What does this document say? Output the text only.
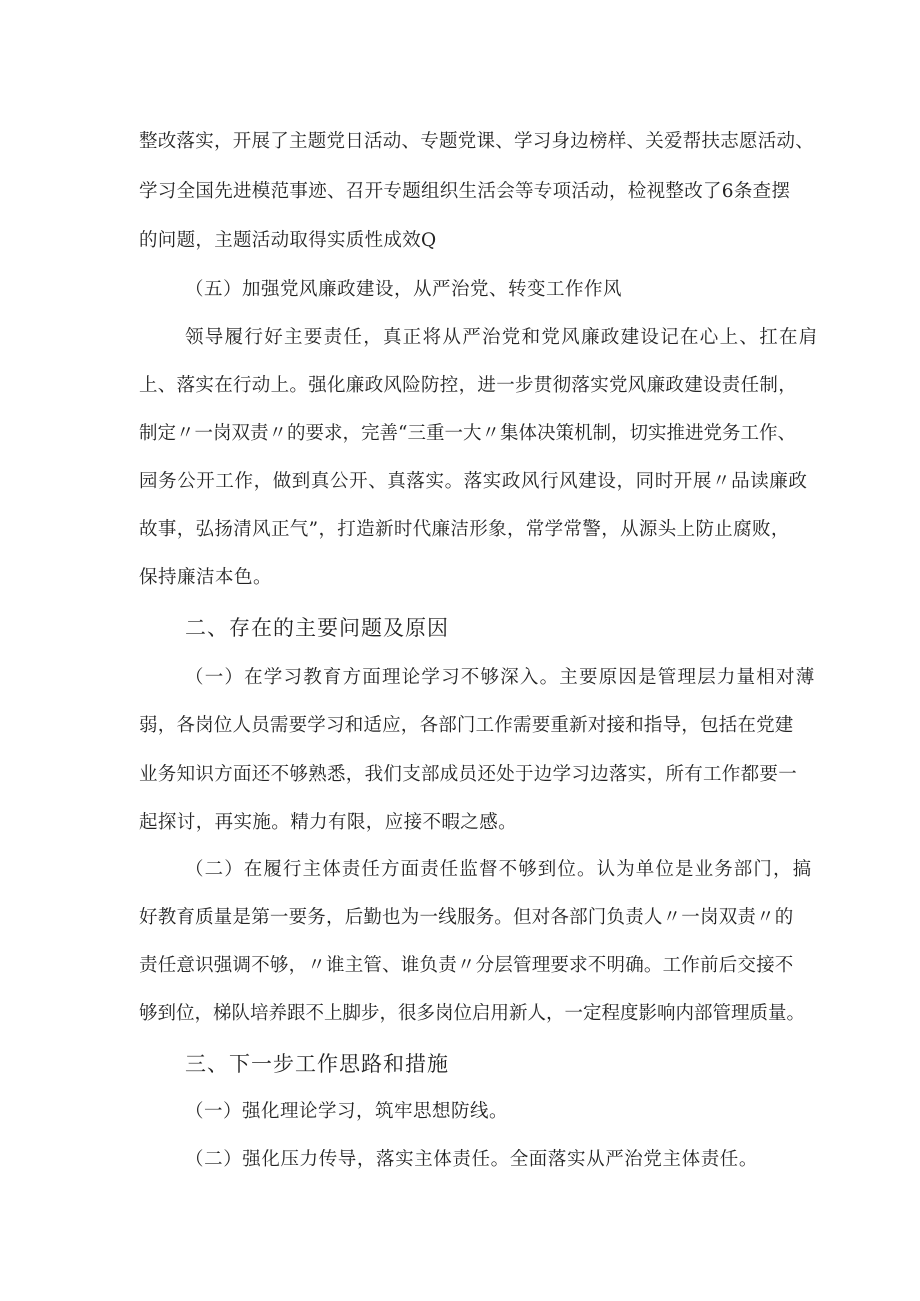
整改落实，开展了主题党日活动、专题党课、学习身边榜样、关爱帮扶志愿活动、
学习全国先进模范事迹、召开专题组织生活会等专项活动，检视整改了6条查摆
的问题，主题活动取得实质性成效Q
（五）加强党风廉政建设，从严治党、转变工作作风
领导履行好主要责任，真正将从严治党和党风廉政建设记在心上、扛在肩
上、落实在行动上。强化廉政风险防控，进一步贯彻落实党风廉政建设责任制，
制定〃一岗双责〃的要求，完善“三重一大〃集体决策机制，切实推进党务工作、
园务公开工作，做到真公开、真落实。落实政风行风建设，同时开展〃品读廉政
故事，弘扬清风正气”，打造新时代廉洁形象，常学常警，从源头上防止腐败，
保持廉洁本色。
二、存在的主要问题及原因
（一）在学习教育方面理论学习不够深入。主要原因是管理层力量相对薄
弱，各岗位人员需要学习和适应，各部门工作需要重新对接和指导，包括在党建
业务知识方面还不够熟悉，我们支部成员还处于边学习边落实，所有工作都要一
起探讨，再实施。精力有限，应接不暇之感。
（二）在履行主体责任方面责任监督不够到位。认为单位是业务部门，搞
好教育质量是第一要务，后勤也为一线服务。但对各部门负责人〃一岗双责〃的
责任意识强调不够，〃谁主管、谁负责〃分层管理要求不明确。工作前后交接不
够到位，梯队培养跟不上脚步，很多岗位启用新人，一定程度影响内部管理质量。
三、下一步工作思路和措施
（一）强化理论学习，筑牢思想防线。
（二）强化压力传导，落实主体责任。全面落实从严治党主体责任。
